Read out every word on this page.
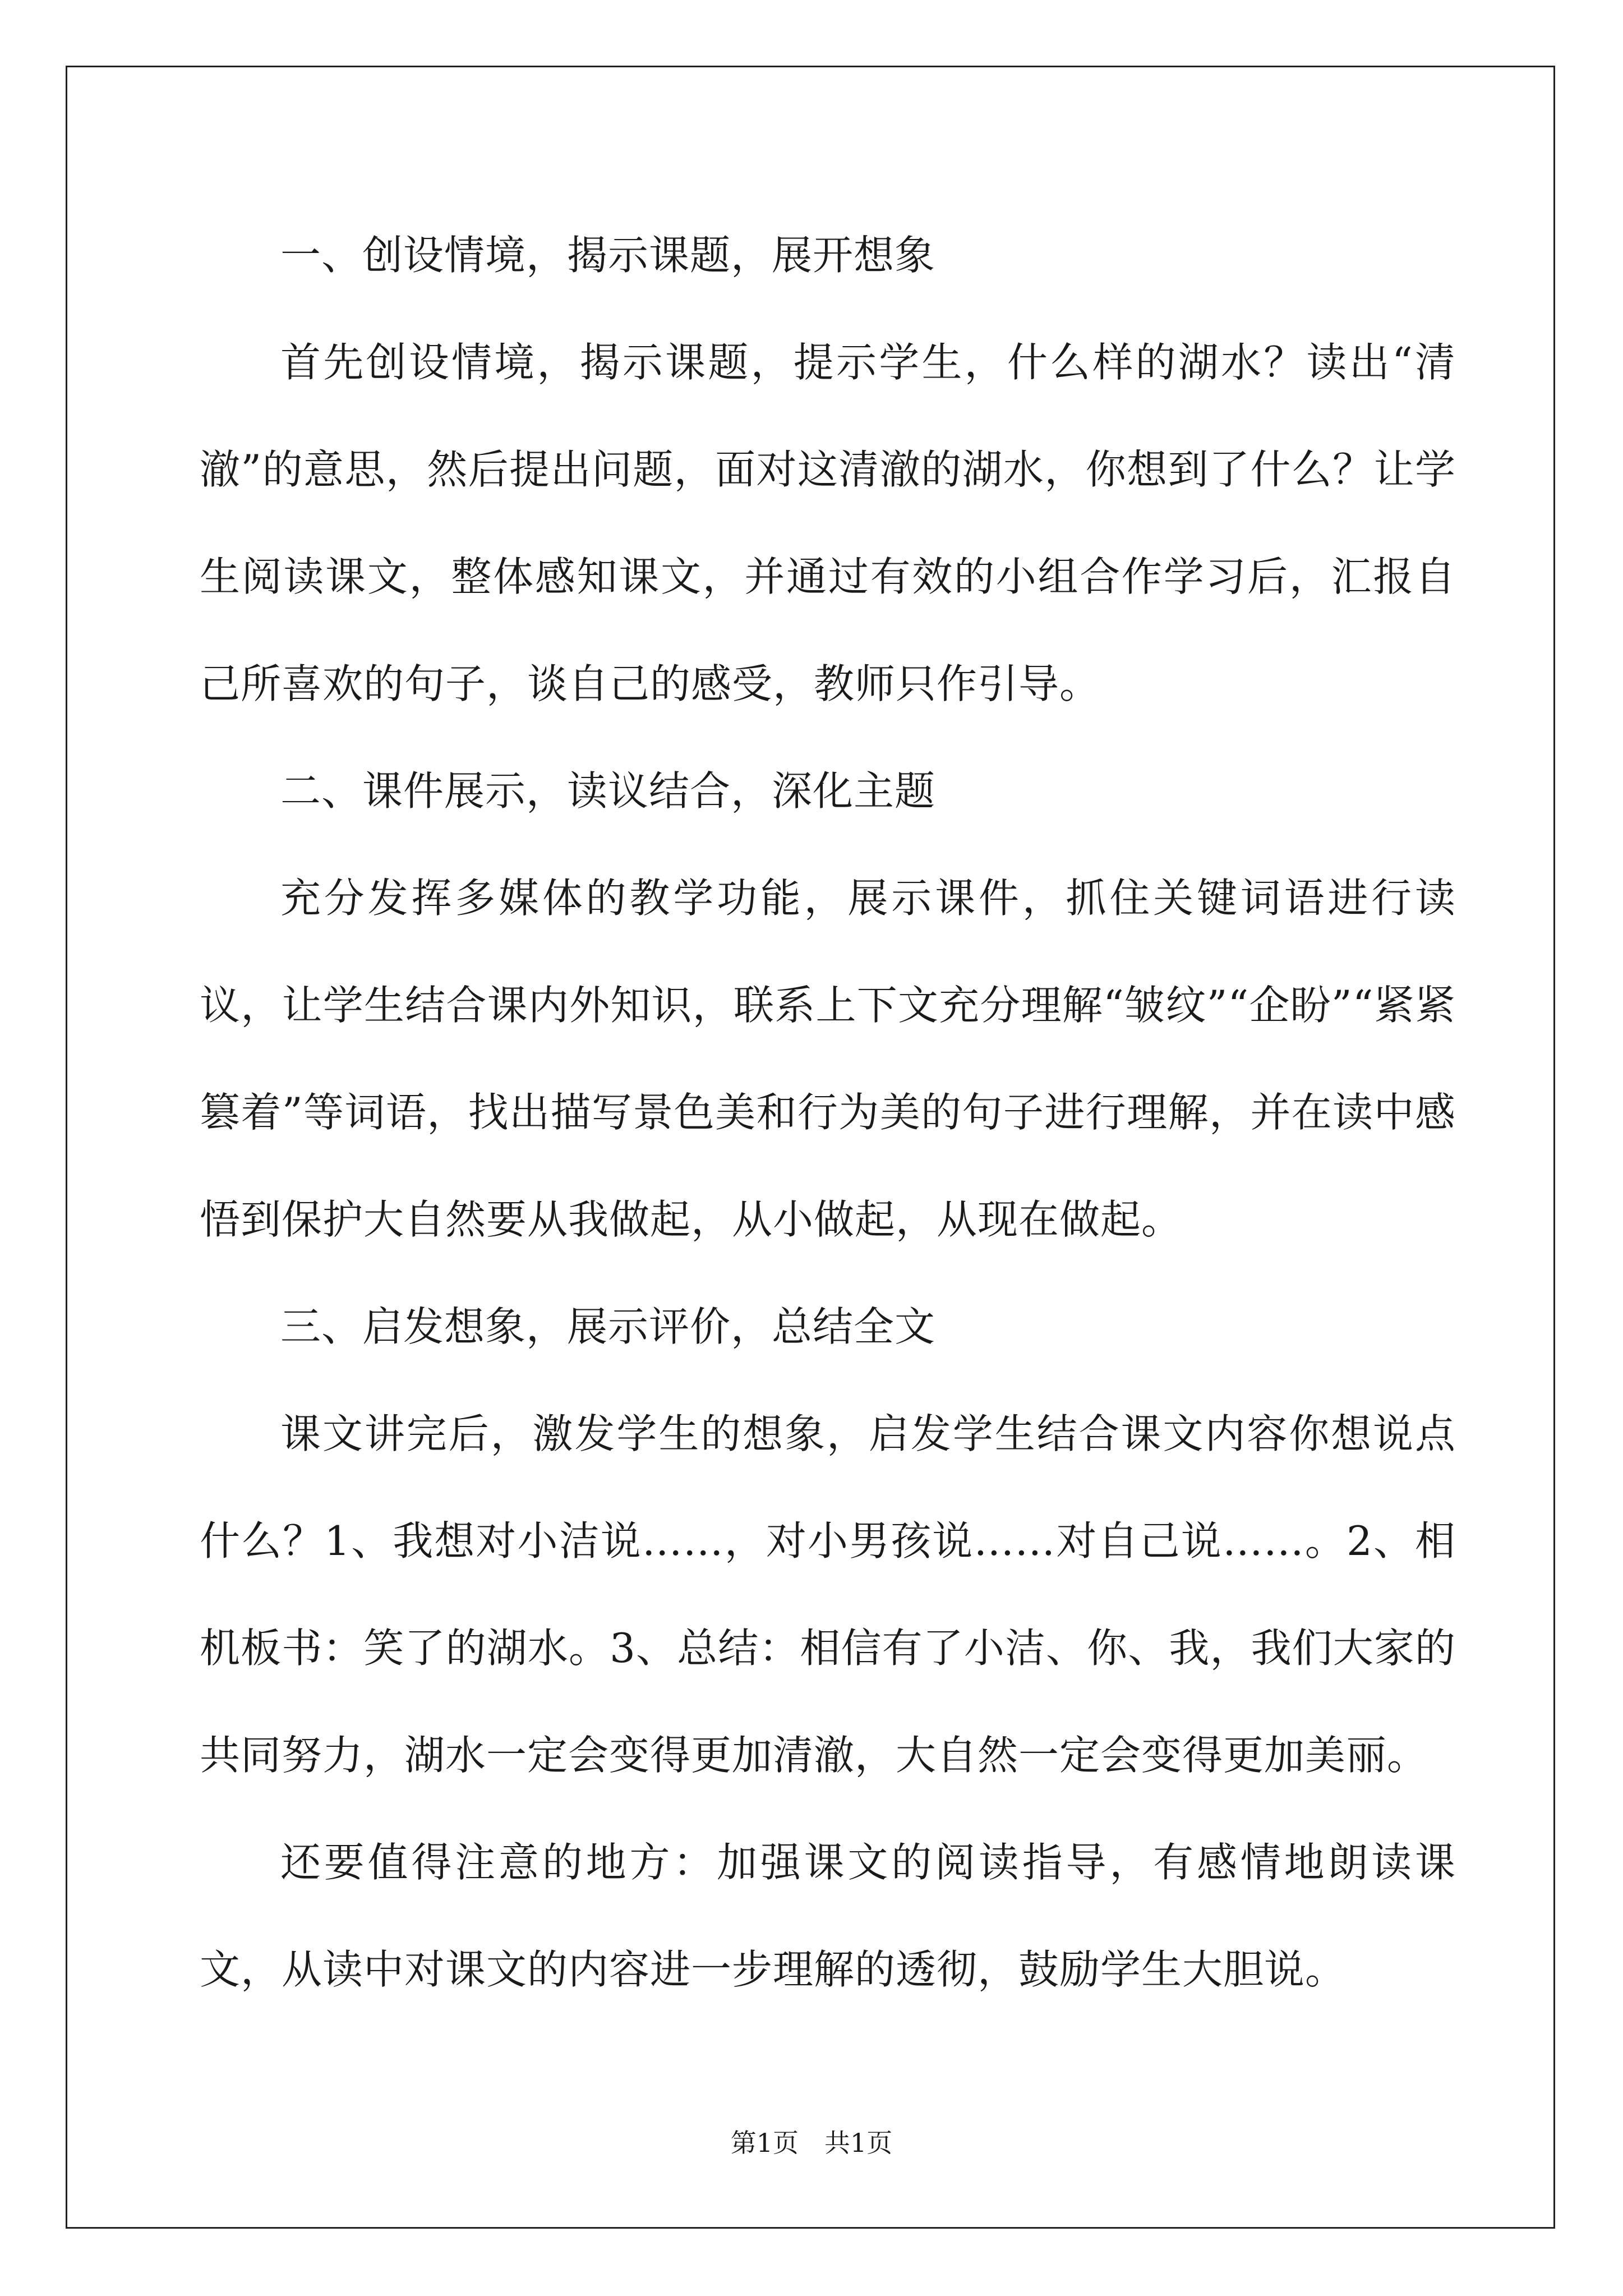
一、创设情境，揭示课题，展开想象

首先创设情境，揭示课题，提示学生，什么样的湖水？读出“清澈”的意思，然后提出问题，面对这清澈的湖水，你想到了什么？让学生阅读课文，整体感知课文，并通过有效的小组合作学习后，汇报自己所喜欢的句子，谈自己的感受，教师只作引导。

二、课件展示，读议结合，深化主题

充分发挥多媒体的教学功能，展示课件，抓住关键词语进行读议，让学生结合课内外知识，联系上下文充分理解“皱纹”“企盼”“紧紧篡着”等词语，找出描写景色美和行为美的句子进行理解，并在读中感悟到保护大自然要从我做起，从小做起，从现在做起。

三、启发想象，展示评价，总结全文

课文讲完后，激发学生的想象，启发学生结合课文内容你想说点什么？1、我想对小洁说……，对小男孩说……对自己说……。2、相机板书：笑了的湖水。3、总结：相信有了小洁、你、我，我们大家的共同努力，湖水一定会变得更加清澈，大自然一定会变得更加美丽。

还要值得注意的地方：加强课文的阅读指导，有感情地朗读课文，从读中对课文的内容进一步理解的透彻，鼓励学生大胆说。

第1页 共1页
